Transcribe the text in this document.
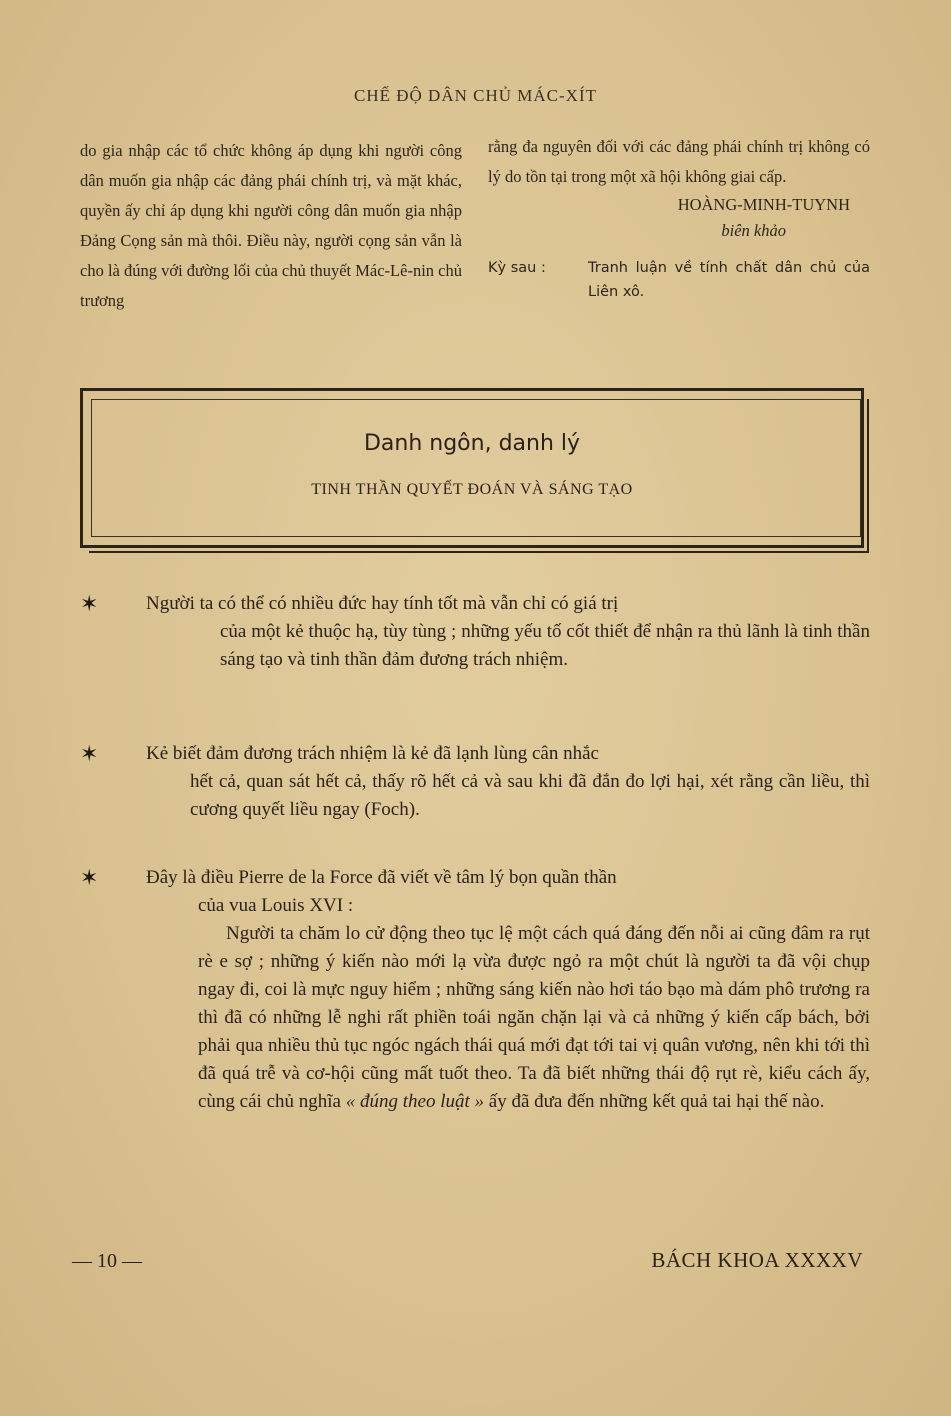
CHẾ ĐỘ DÂN CHỦ MÁC-XÍT

do gia nhập các tổ chức không áp dụng khi người công dân muốn gia nhập các đảng phái chính trị, và mặt khác, quyền ấy chỉ áp dụng khi người công dân muốn gia nhập Đảng Cọng sản mà thôi. Điều này, người cọng sản vẫn là cho là đúng với đường lối của chủ thuyết Mác-Lê-nin chủ trương

rằng đa nguyên đối với các đảng phái chính trị không có lý do tồn tại trong một xã hội không giai cấp.

HOÀNG-MINH-TUYNH
biên khảo
Kỳ sau :	Tranh luận về tính chất dân chủ của Liên xô.
Danh ngôn, danh lý
TINH THẦN QUYẾT ĐOÁN VÀ SÁNG TẠO
✶	Người ta có thể có nhiều đức hay tính tốt mà vẫn chỉ có giá trị
của một kẻ thuộc hạ, tùy tùng ; những yếu tố cốt thiết để nhận ra thủ lãnh là tinh thần sáng tạo và tinh thần đảm đương trách nhiệm.
✶	Kẻ biết đảm đương trách nhiệm là kẻ đã lạnh lùng cân nhắc
hết cả, quan sát hết cả, thấy rõ hết cả và sau khi đã đắn đo lợi hại, xét rằng cần liều, thì cương quyết liều ngay (Foch).
✶	Đây là điều Pierre de la Force đã viết về tâm lý bọn quần thần
của vua Louis XVI :
Người ta chăm lo cử động theo tục lệ một cách quá đáng đến nỗi ai cũng đâm ra rụt rè e sợ ; những ý kiến nào mới lạ vừa được ngỏ ra một chút là người ta đã vội chụp ngay đi, coi là mực nguy hiểm ; những sáng kiến nào hơi táo bạo mà dám phô trương ra thì đã có những lễ nghi rất phiền toái ngăn chặn lại và cả những ý kiến cấp bách, bởi phải qua nhiều thủ tục ngóc ngách thái quá mới đạt tới tai vị quân vương, nên khi tới thì đã quá trễ và cơ-hội cũng mất tuốt theo. Ta đã biết những thái độ rụt rè, kiểu cách ấy, cùng cái chủ nghĩa « đúng theo luật » ấy đã đưa đến những kết quả tai hại thế nào.
— 10 —	BÁCH KHOA XXXXV
